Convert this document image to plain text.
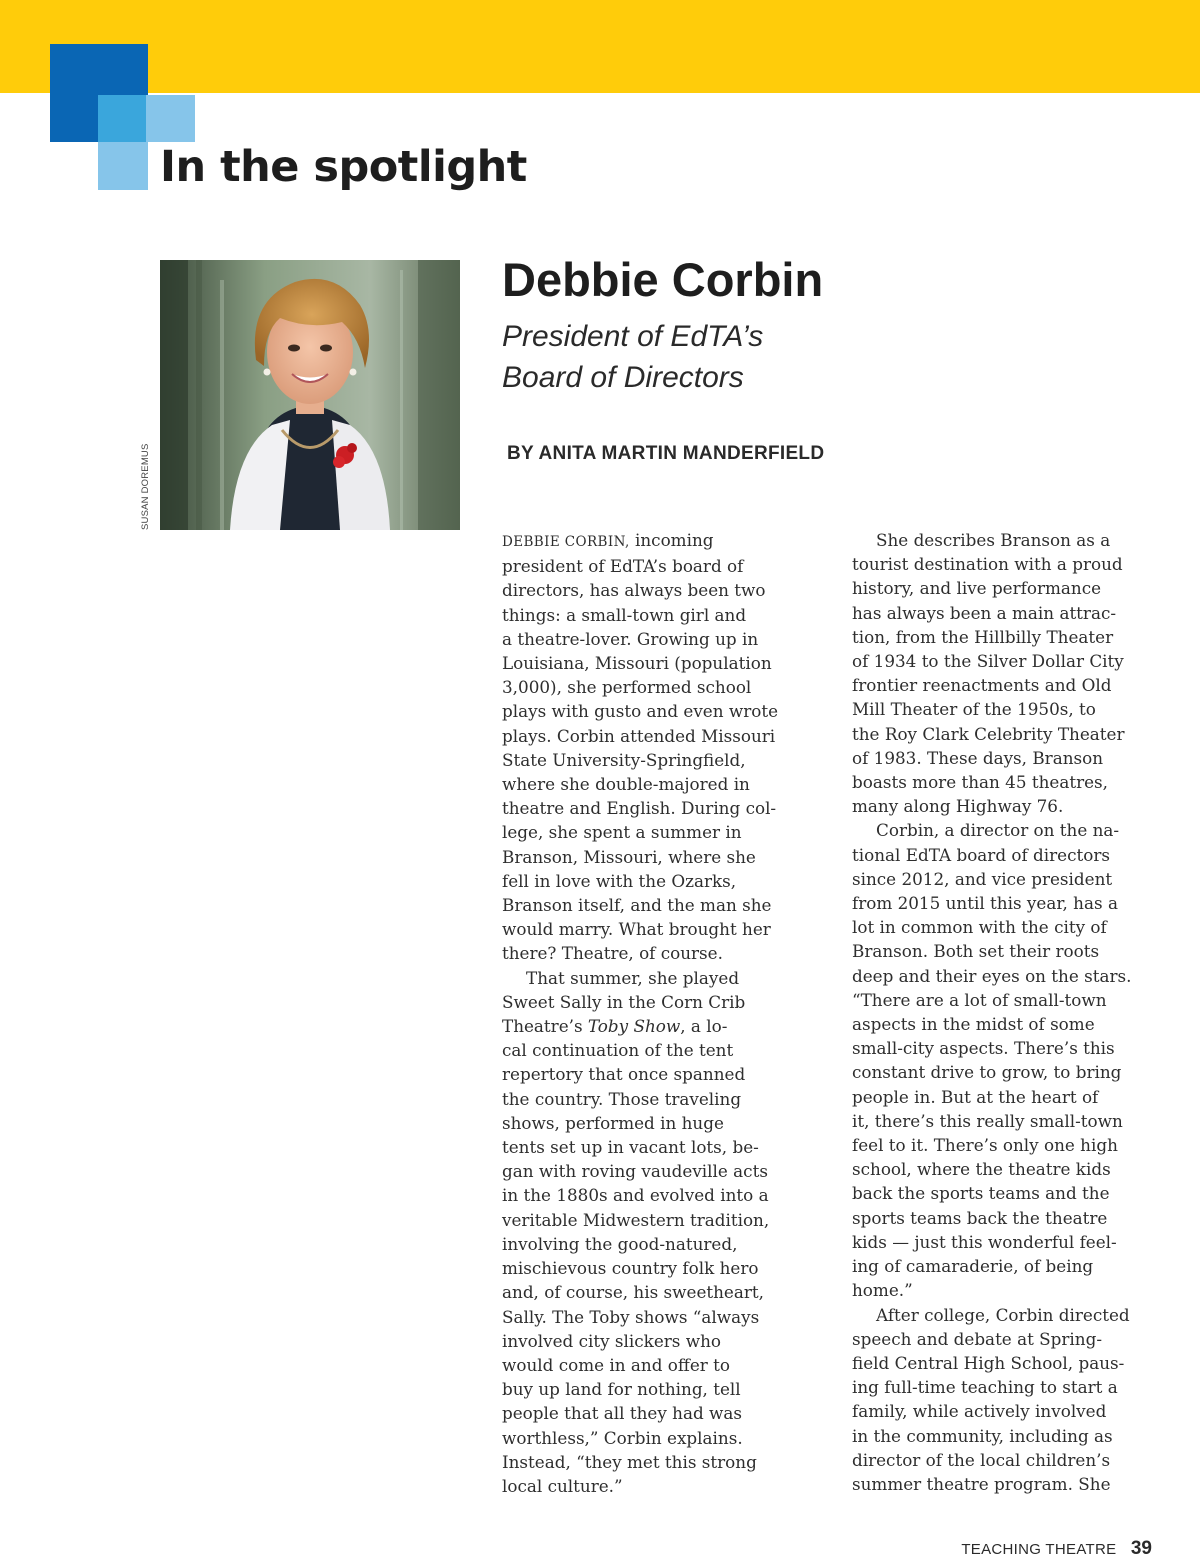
In the spotlight
SUSAN DOREMUS
Debbie Corbin
President of EdTA’s
Board of Directors
BY ANITA MARTIN MANDERFIELD
DEBBIE CORBIN, incoming
president of EdTA’s board of
directors, has always been two
things: a small-town girl and
a theatre-lover. Growing up in
Louisiana, Missouri (population
3,000), she performed school
plays with gusto and even wrote
plays. Corbin attended Missouri
State University-Springfield,
where she double-majored in
theatre and English. During col-
lege, she spent a summer in
Branson, Missouri, where she
fell in love with the Ozarks,
Branson itself, and the man she
would marry. What brought her
there? Theatre, of course.
That summer, she played
Sweet Sally in the Corn Crib
Theatre’s Toby Show, a lo-
cal continuation of the tent
repertory that once spanned
the country. Those traveling
shows, performed in huge
tents set up in vacant lots, be-
gan with roving vaudeville acts
in the 1880s and evolved into a
veritable Midwestern tradition,
involving the good-natured,
mischievous country folk hero
and, of course, his sweetheart,
Sally. The Toby shows “always
involved city slickers who
would come in and offer to
buy up land for nothing, tell
people that all they had was
worthless,” Corbin explains.
Instead, “they met this strong
local culture.”
She describes Branson as a
tourist destination with a proud
history, and live performance
has always been a main attrac-
tion, from the Hillbilly Theater
of 1934 to the Silver Dollar City
frontier reenactments and Old
Mill Theater of the 1950s, to
the Roy Clark Celebrity Theater
of 1983. These days, Branson
boasts more than 45 theatres,
many along Highway 76.
Corbin, a director on the na-
tional EdTA board of directors
since 2012, and vice president
from 2015 until this year, has a
lot in common with the city of
Branson. Both set their roots
deep and their eyes on the stars.
“There are a lot of small-town
aspects in the midst of some
small-city aspects. There’s this
constant drive to grow, to bring
people in. But at the heart of
it, there’s this really small-town
feel to it. There’s only one high
school, where the theatre kids
back the sports teams and the
sports teams back the theatre
kids — just this wonderful feel-
ing of camaraderie, of being
home.”
After college, Corbin directed
speech and debate at Spring-
field Central High School, paus-
ing full-time teaching to start a
family, while actively involved
in the community, including as
director of the local children’s
summer theatre program. She
TEACHING THEATRE 39
